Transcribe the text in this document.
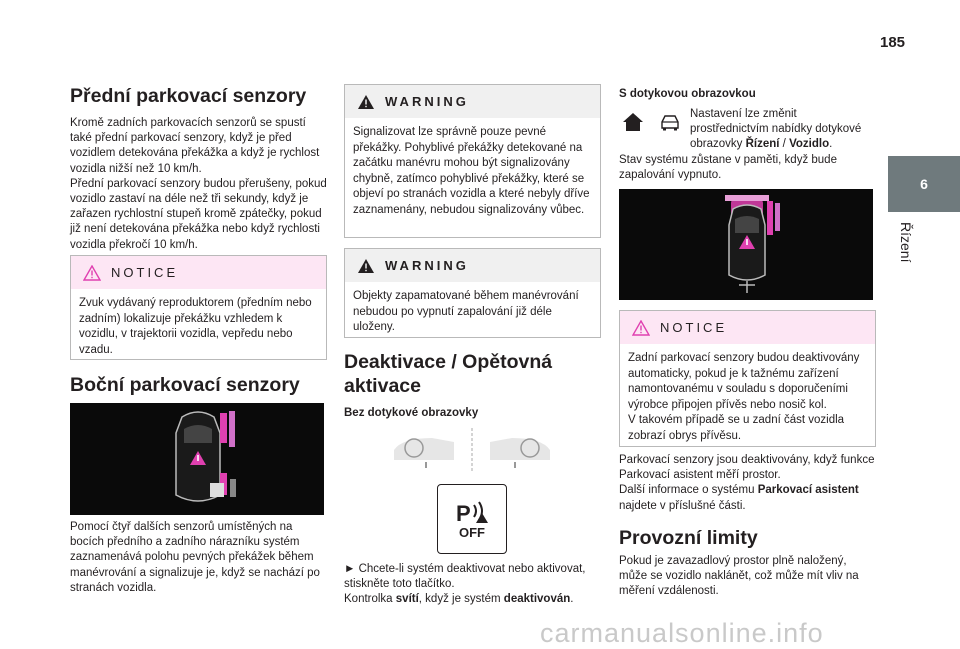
185
6
Řízení
Přední parkovací senzory

Kromě zadních parkovacích senzorů se spustí také přední parkovací senzory, když je před vozidlem detekována překážka a když je rychlost vozidla nižší než 10 km/h.

Přední parkovací senzory budou přerušeny, pokud vozidlo zastaví na déle než tři sekundy, když je zařazen rychlostní stupeň kromě zpátečky, pokud již není detekována překážka nebo když rychlosti vozidla překročí 10 km/h.

NOTICE
Zvuk vydávaný reproduktorem (předním nebo zadním) lokalizuje překážku vzhledem k vozidlu, v trajektorii vozidla, vepředu nebo vzadu.
Boční parkovací senzory

Pomocí čtyř dalších senzorů umístěných na bocích předního a zadního nárazníku systém zaznamenává polohu pevných překážek během manévrování a signalizuje je, když se nachází po stranách vozidla.

WARNING
Signalizovat lze správně pouze pevné překážky. Pohyblivé překážky detekované na začátku manévru mohou být signalizovány chybně, zatímco pohyblivé překážky, které se objeví po stranách vozidla a které nebyly dříve zaznamenány, nebudou signalizovány vůbec.
WARNING
Objekty zapamatované během manévrování nebudou po vypnutí zapalování již déle uloženy.
Deaktivace / Opětovná aktivace
Bez dotykové obrazovky
P
OFF

► Chcete-li systém deaktivovat nebo aktivovat, stiskněte toto tlačítko.

Kontrolka svítí, když je systém deaktivován.

S dotykovou obrazovkou

Nastavení lze změnit prostřednictvím nabídky dotykové obrazovky Řízení / Vozidlo.

Stav systému zůstane v paměti, když bude zapalování vypnuto.

NOTICE
Zadní parkovací senzory budou deaktivovány automaticky, pokud je k tažnému zařízení namontovanému v souladu s doporučeními výrobce připojen přívěs nebo nosič kol.
V takovém případě se u zadní část vozidla zobrazí obrys přívěsu.

Parkovací senzory jsou deaktivovány, když funkce Parkovací asistent měří prostor.

Další informace o systému Parkovací asistent najdete v příslušné části.

Provozní limity

Pokud je zavazadlový prostor plně naložený, může se vozidlo naklánět, což může mít vliv na měření vzdálenosti.

carmanualsonline.info
